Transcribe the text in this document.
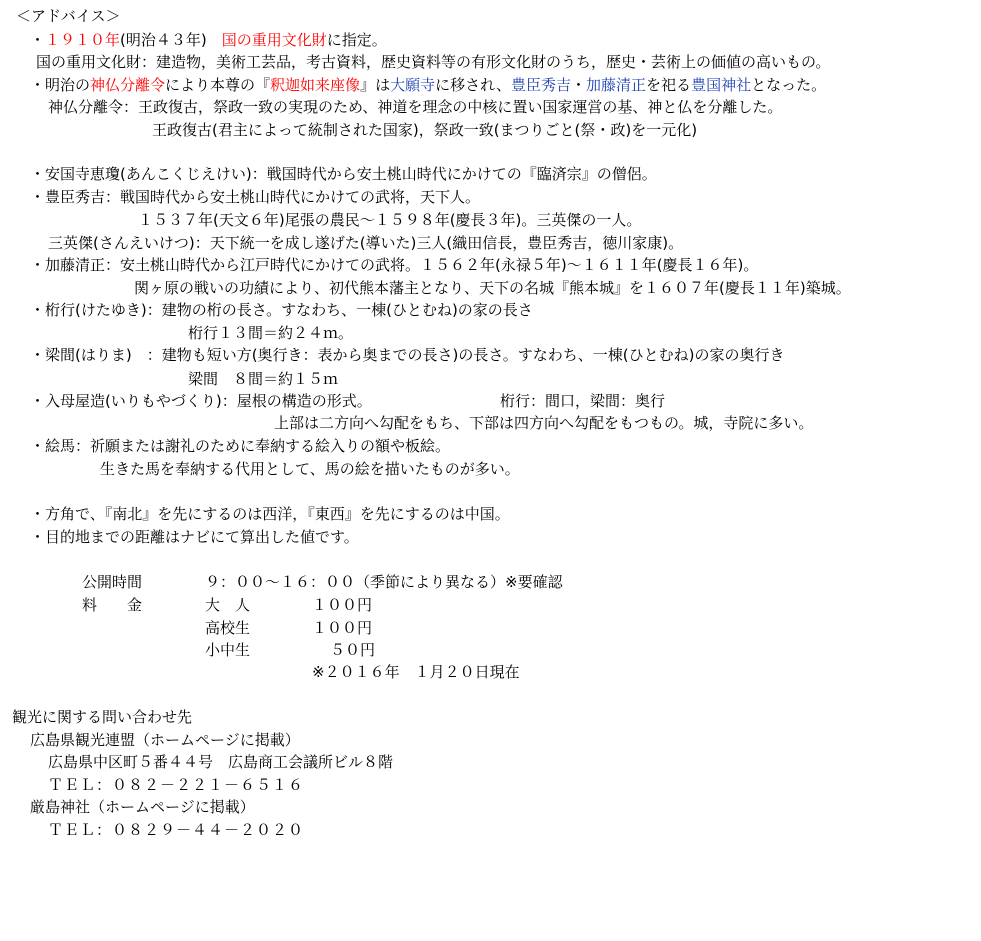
＜アドバイス＞
・１９１０年(明治４３年)　国の重用文化財に指定。
国の重用文化財：建造物，美術工芸品，考古資料，歴史資料等の有形文化財のうち，歴史・芸術上の価値の高いもの。
・明治の神仏分離令により本尊の『釈迦如来座像』は大願寺に移され、豊臣秀吉・加藤清正を祀る豊国神社となった。
神仏分離令：王政復古，祭政一致の実現のため、神道を理念の中核に置い国家運営の基、神と仏を分離した。
王政復古(君主によって統制された国家)，祭政一致(まつりごと(祭・政)を一元化)
・安国寺恵瓊(あんこくじえけい)：戦国時代から安土桃山時代にかけての『臨済宗』の僧侶。
・豊臣秀吉：戦国時代から安土桃山時代にかけての武将，天下人。
１５３７年(天文６年)尾張の農民～１５９８年(慶長３年)。三英傑の一人。
三英傑(さんえいけつ)：天下統一を成し遂げた(導いた)三人(織田信長，豊臣秀吉，徳川家康)。
・加藤清正：安土桃山時代から江戸時代にかけての武将。１５６２年(永禄５年)～１６１１年(慶長１６年)。
関ヶ原の戦いの功績により、初代熊本藩主となり、天下の名城『熊本城』を１６０７年(慶長１１年)築城。
・桁行(けたゆき)：建物の桁の長さ。すなわち、一棟(ひとむね)の家の長さ
桁行１３間＝約２４ｍ。
・梁間(はりま)　：建物も短い方(奥行き：表から奥までの長さ)の長さ。すなわち、一棟(ひとむね)の家の奥行き
梁間　８間＝約１５ｍ
・入母屋造(いりもやづくり)：屋根の構造の形式。	桁行：間口，梁間：奥行
上部は二方向へ勾配をもち、下部は四方向へ勾配をもつもの。城，寺院に多い。
・絵馬：祈願または謝礼のために奉納する絵入りの額や板絵。
生きた馬を奉納する代用として、馬の絵を描いたものが多い。
・方角で、『南北』を先にするのは西洋，『東西』を先にするのは中国。
・目的地までの距離はナビにて算出した値です。
公開時間	９：００～１６：００（季節により異なる）※要確認
料　　金	大　人	１００円
高校生	１００円
小中生	５０円
※２０１６年　１月２０日現在
観光に関する問い合わせ先
広島県観光連盟（ホームページに掲載）
広島県中区町５番４４号　広島商工会議所ビル８階
ＴＥＬ：０８２－２２１－６５１６
厳島神社（ホームページに掲載）
ＴＥＬ：０８２９－４４－２０２０
